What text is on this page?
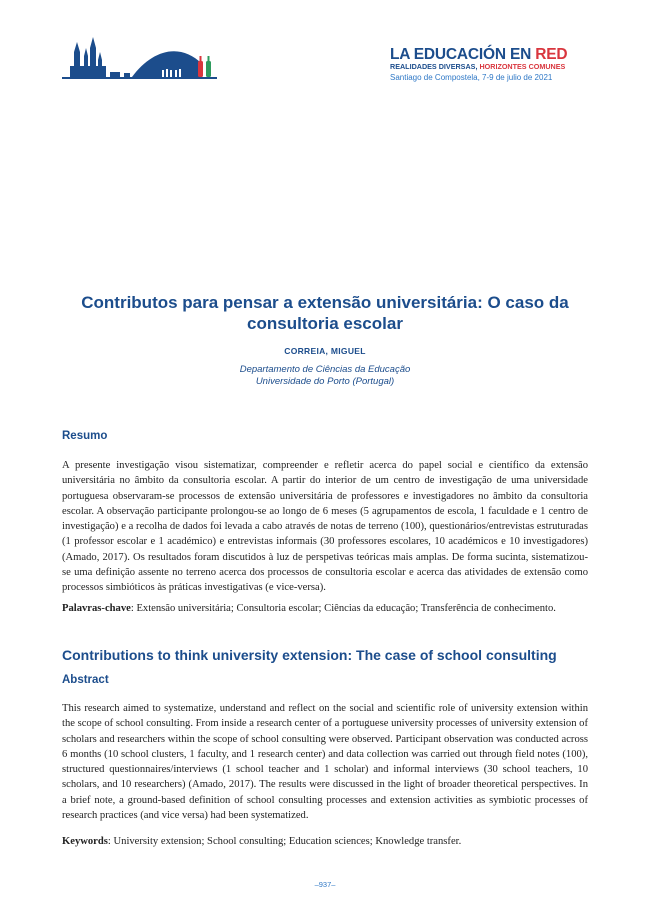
LA EDUCACIÓN EN RED
REALIDADES DIVERSAS, HORIZONTES COMUNES
Santiago de Compostela, 7-9 de julio de 2021
Contributos para pensar a extensão universitária: O caso da consultoria escolar
CORREIA, MIGUEL
Departamento de Ciências da Educação
Universidade do Porto (Portugal)
Resumo
A presente investigação visou sistematizar, compreender e refletir acerca do papel social e científico da extensão universitária no âmbito da consultoria escolar. A partir do interior de um centro de investigação de uma universidade portuguesa observaram-se processos de extensão universitária de professores e investigadores no âmbito da consultoria escolar. A observação participante prolongou-se ao longo de 6 meses (5 agrupamentos de escola, 1 faculdade e 1 centro de investigação) e a recolha de dados foi levada a cabo através de notas de terreno (100), questionários/entrevistas estruturadas (1 professor escolar e 1 académico) e entrevistas informais (30 professores escolares, 10 académicos e 10 investigadores) (Amado, 2017). Os resultados foram discutidos à luz de perspetivas teóricas mais amplas. De forma sucinta, sistematizou-se uma definição assente no terreno acerca dos processos de consultoria escolar e acerca das atividades de extensão como processos simbióticos às práticas investigativas (e vice-versa).
Palavras-chave: Extensão universitária; Consultoria escolar; Ciências da educação; Transferência de conhecimento.
Contributions to think university extension: The case of school consulting
Abstract
This research aimed to systematize, understand and reflect on the social and scientific role of university extension within the scope of school consulting. From inside a research center of a portuguese university processes of university extension of scholars and researchers within the scope of school consulting were observed. Participant observation was conducted across 6 months (10 school clusters, 1 faculty, and 1 research center) and data collection was carried out through field notes (100), structured questionnaires/interviews (1 school teacher and 1 scholar) and informal interviews (30 school teachers, 10 scholars, and 10 researchers) (Amado, 2017). The results were discussed in the light of broader theoretical perspectives. In a brief note, a ground-based definition of school consulting processes and extension activities as symbiotic processes of research practices (and vice versa) had been systematized.
Keywords: University extension; School consulting; Education sciences; Knowledge transfer.
–937–
